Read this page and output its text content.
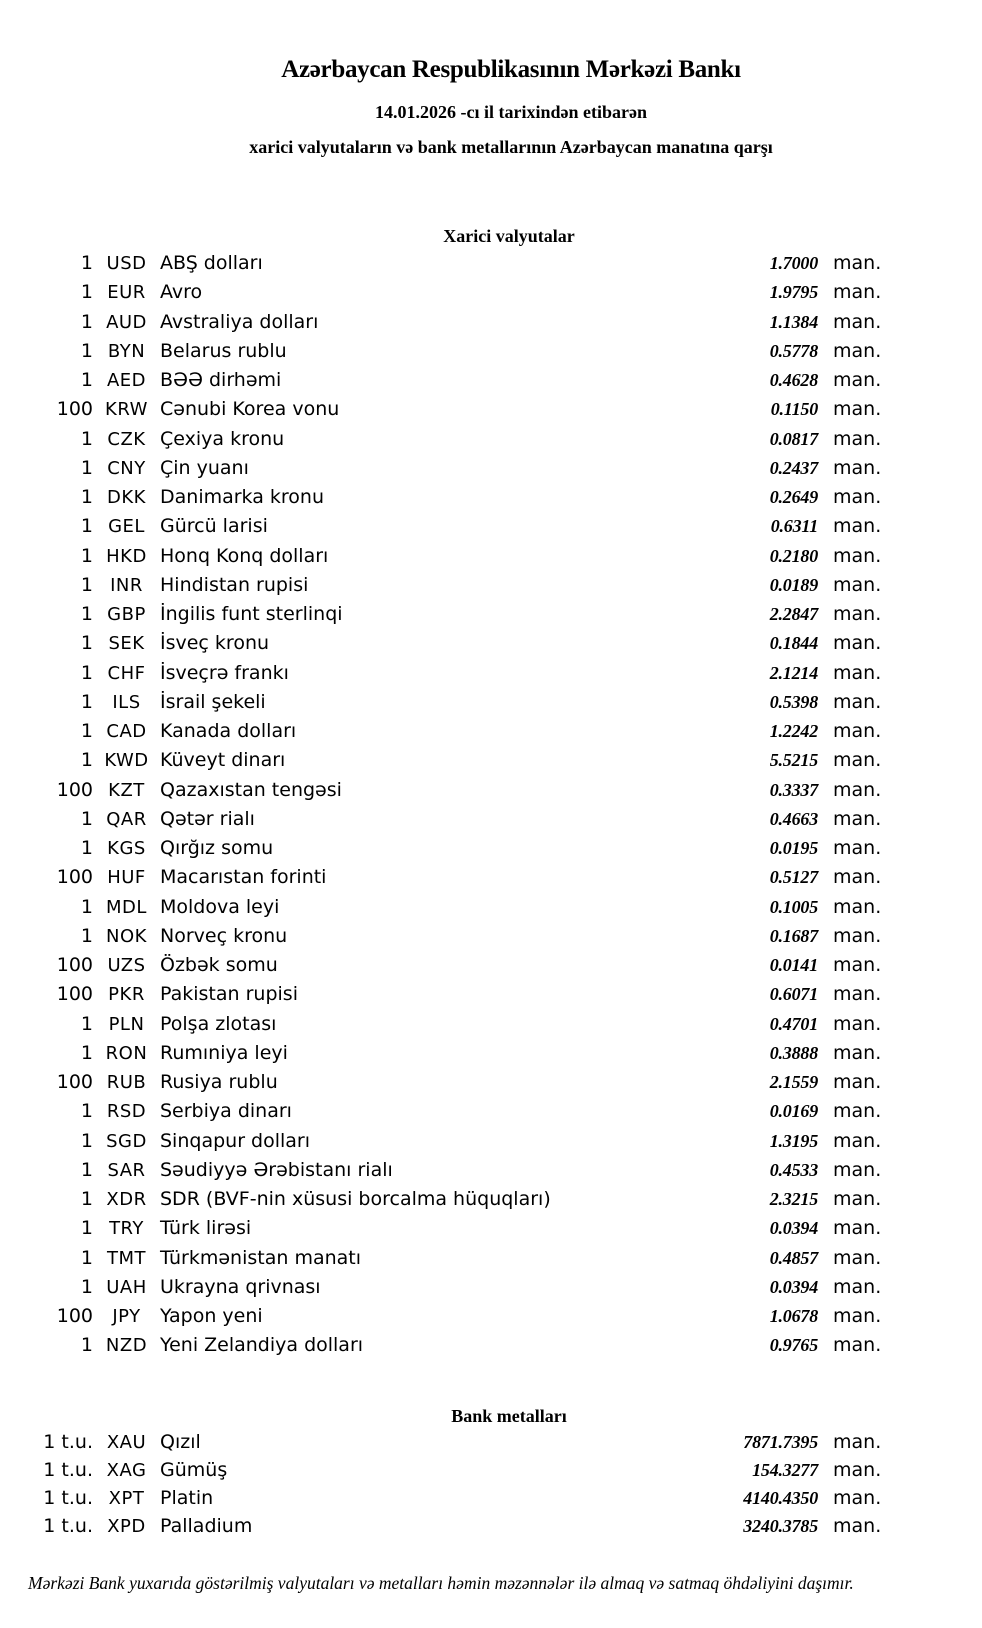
Azərbaycan Respublikasının Mərkəzi Bankı
14.01.2026 -cı il tarixindən etibarən
xarici valyutaların və bank metallarının Azərbaycan manatına qarşı
Xarici valyutalar
1 USD ABŞ dolları	1.7000 man.
1 EUR Avro	1.9795 man.
1 AUD Avstraliya dolları	1.1384 man.
1 BYN Belarus rublu	0.5778 man.
1 AED BƏƏ dirhəmi	0.4628 man.
100 KRW Cənubi Korea vonu	0.1150 man.
1 CZK Çexiya kronu	0.0817 man.
1 CNY Çin yuanı	0.2437 man.
1 DKK Danimarka kronu	0.2649 man.
1 GEL Gürcü larisi	0.6311 man.
1 HKD Honq Konq dolları	0.2180 man.
1 INR Hindistan rupisi	0.0189 man.
1 GBP İngilis funt sterlinqi	2.2847 man.
1 SEK İsveç kronu	0.1844 man.
1 CHF İsveçrə frankı	2.1214 man.
1 ILS İsrail şekeli	0.5398 man.
1 CAD Kanada dolları	1.2242 man.
1 KWD Küveyt dinarı	5.5215 man.
100 KZT Qazaxıstan tengəsi	0.3337 man.
1 QAR Qətər rialı	0.4663 man.
1 KGS Qırğız somu	0.0195 man.
100 HUF Macarıstan forinti	0.5127 man.
1 MDL Moldova leyi	0.1005 man.
1 NOK Norveç kronu	0.1687 man.
100 UZS Özbək somu	0.0141 man.
100 PKR Pakistan rupisi	0.6071 man.
1 PLN Polşa zlotası	0.4701 man.
1 RON Rumıniya leyi	0.3888 man.
100 RUB Rusiya rublu	2.1559 man.
1 RSD Serbiya dinarı	0.0169 man.
1 SGD Sinqapur dolları	1.3195 man.
1 SAR Səudiyyə Ərəbistanı rialı	0.4533 man.
1 XDR SDR (BVF-nin xüsusi borcalma hüquqları)	2.3215 man.
1 TRY Türk lirəsi	0.0394 man.
1 TMT Türkmənistan manatı	0.4857 man.
1 UAH Ukrayna qrivnası	0.0394 man.
100 JPY Yapon yeni	1.0678 man.
1 NZD Yeni Zelandiya dolları	0.9765 man.
Bank metalları
1 t.u. XAU Qızıl	7871.7395 man.
1 t.u. XAG Gümüş	154.3277 man.
1 t.u. XPT Platin	4140.4350 man.
1 t.u. XPD Palladium	3240.3785 man.
Mərkəzi Bank yuxarıda göstərilmiş valyutaları və metalları həmin məzənnələr ilə almaq və satmaq öhdəliyini daşımır.
